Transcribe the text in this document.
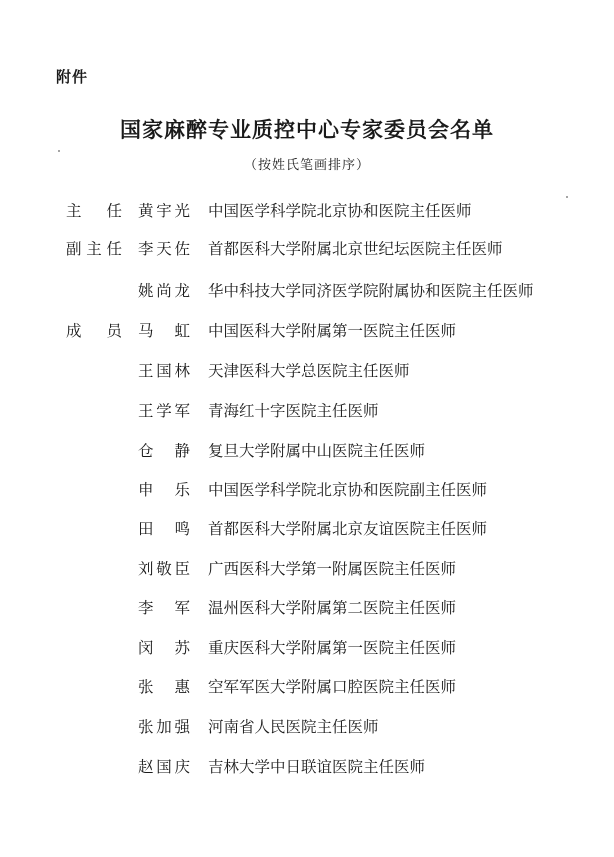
附件
国家麻醉专业质控中心专家委员会名单
（按姓氏笔画排序）
主任 黄宇光 中国医学科学院北京协和医院主任医师
副主任 李天佐 首都医科大学附属北京世纪坛医院主任医师
姚尚龙 华中科技大学同济医学院附属协和医院主任医师
成员 马虹 中国医科大学附属第一医院主任医师
王国林 天津医科大学总医院主任医师
王学军 青海红十字医院主任医师
仓静 复旦大学附属中山医院主任医师
申乐 中国医学科学院北京协和医院副主任医师
田鸣 首都医科大学附属北京友谊医院主任医师
刘敬臣 广西医科大学第一附属医院主任医师
李军 温州医科大学附属第二医院主任医师
闵苏 重庆医科大学附属第一医院主任医师
张惠 空军军医大学附属口腔医院主任医师
张加强 河南省人民医院主任医师
赵国庆 吉林大学中日联谊医院主任医师
